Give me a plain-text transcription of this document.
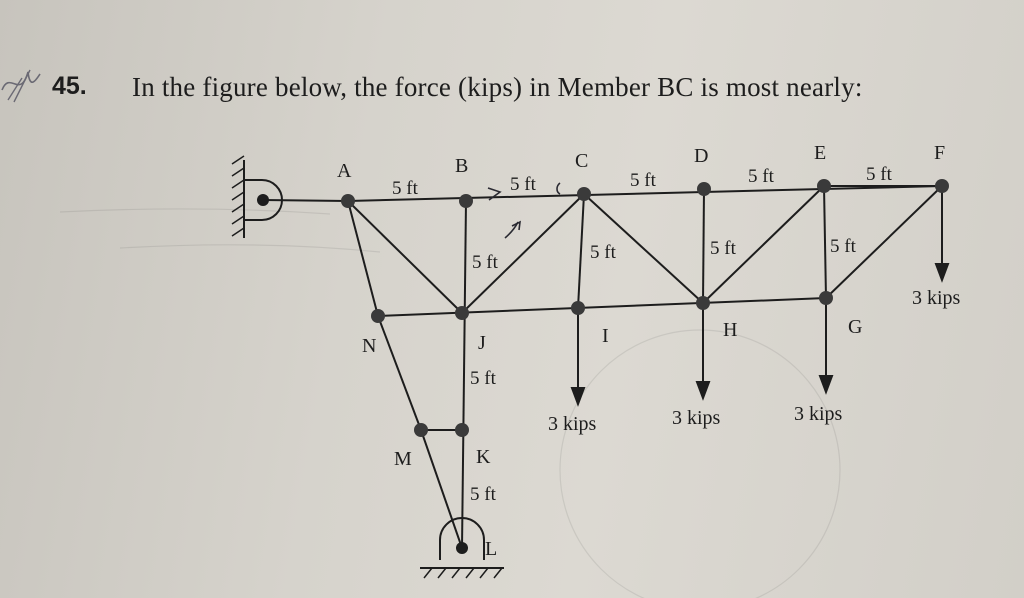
45. In the figure below, the force (kips) in Member BC is most nearly:
A	B	C	D	E	F
N	J	I	H	G
M	K
L
5 ft	5 ft	5 ft	5 ft	5 ft
5 ft	5 ft	5 ft	5 ft
5 ft
5 ft
3 kips	3 kips	3 kips
3 kips
